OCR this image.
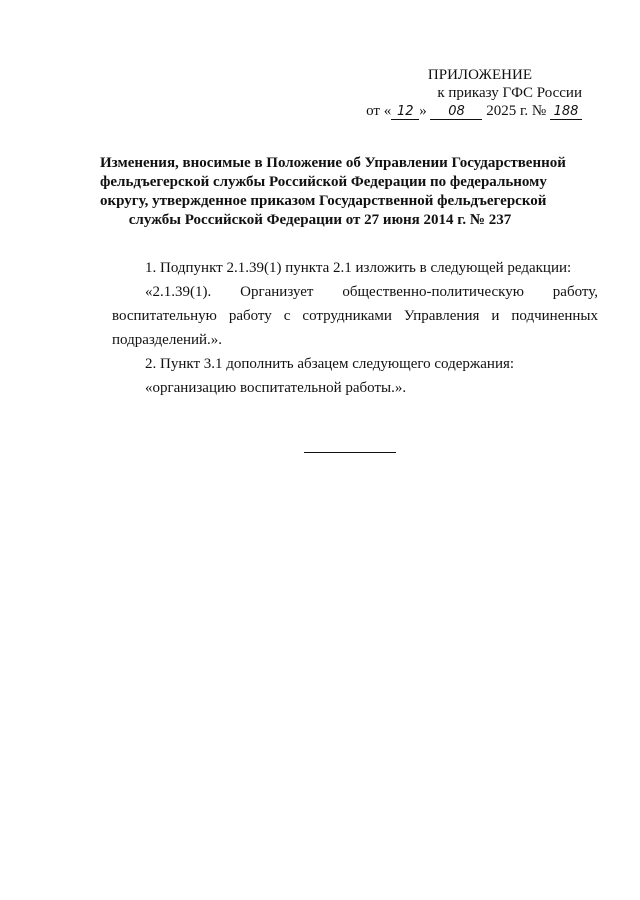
ПРИЛОЖЕНИЕ
к приказу ГФС России
от « 12 » 08 2025 г. № 188
Изменения, вносимые в Положение об Управлении Государственной
фельдъегерской службы Российской Федерации по федеральному
округу, утвержденное приказом Государственной фельдъегерской
службы Российской Федерации от 27 июня 2014 г. № 237

1. Подпункт 2.1.39(1) пункта 2.1 изложить в следующей редакции:

«2.1.39(1). Организует общественно-политическую работу,

воспитательную работу с сотрудниками Управления и подчиненных

подразделений.».

2. Пункт 3.1 дополнить абзацем следующего содержания:

«организацию воспитательной работы.».
